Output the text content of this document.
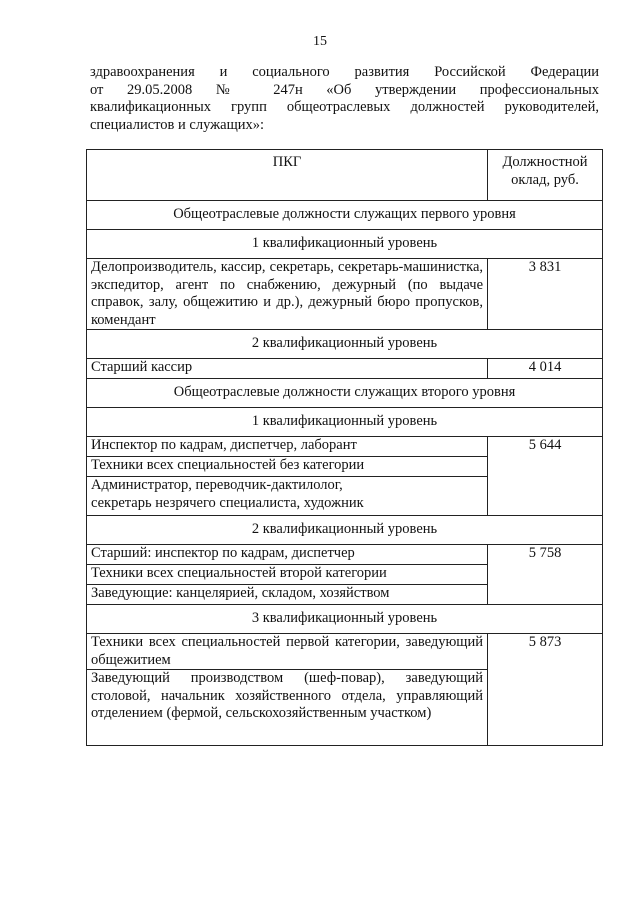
15
здравоохранения и социального развития Российской Федерации
от 29.05.2008 № 247н «Об утверждении профессиональных
квалификационных групп общеотраслевых должностей руководителей,
специалистов и служащих»:
ПКГ	Должностной
оклад, руб.
Общеотраслевые должности служащих первого уровня	
1 квалификационный уровень	
Делопроизводитель, кассир, секретарь, секретарь-машинистка, экспедитор, агент по снабжению, дежурный (по выдаче справок, залу, общежитию и др.), дежурный бюро пропусков, комендант	3 831
2 квалификационный уровень	
Старший кассир	4 014
Общеотраслевые должности служащих второго уровня	
1 квалификационный уровень	
Инспектор по кадрам, диспетчер, лаборант	5 644
Техники всех специальностей без категории	
Администратор, переводчик-дактилолог,
секретарь незрячего специалиста, художник	
2 квалификационный уровень	
Старший: инспектор по кадрам, диспетчер	5 758
Техники всех специальностей второй категории	
Заведующие: канцелярией, складом, хозяйством	
3 квалификационный уровень	
Техники всех специальностей первой категории, заведующий общежитием	5 873
Заведующий производством (шеф-повар), заведующий столовой, начальник хозяйственного отдела, управляющий отделением (фермой, сельскохозяйственным участком)	
